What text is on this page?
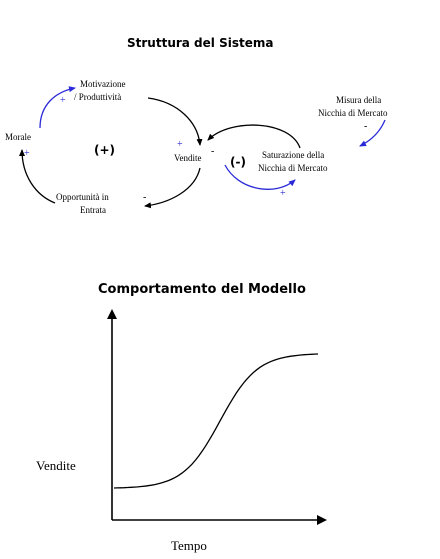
Struttura del Sistema
Motivazione
/ Produttività
Morale
Vendite
Opportunità in
Entrata
Saturazione della
Nicchia di Mercato
Misura della
Nicchia di Mercato
(+)
(-)
+
+
-
+
+
-
-
Vendite
Tempo
Comportamento del Modello
